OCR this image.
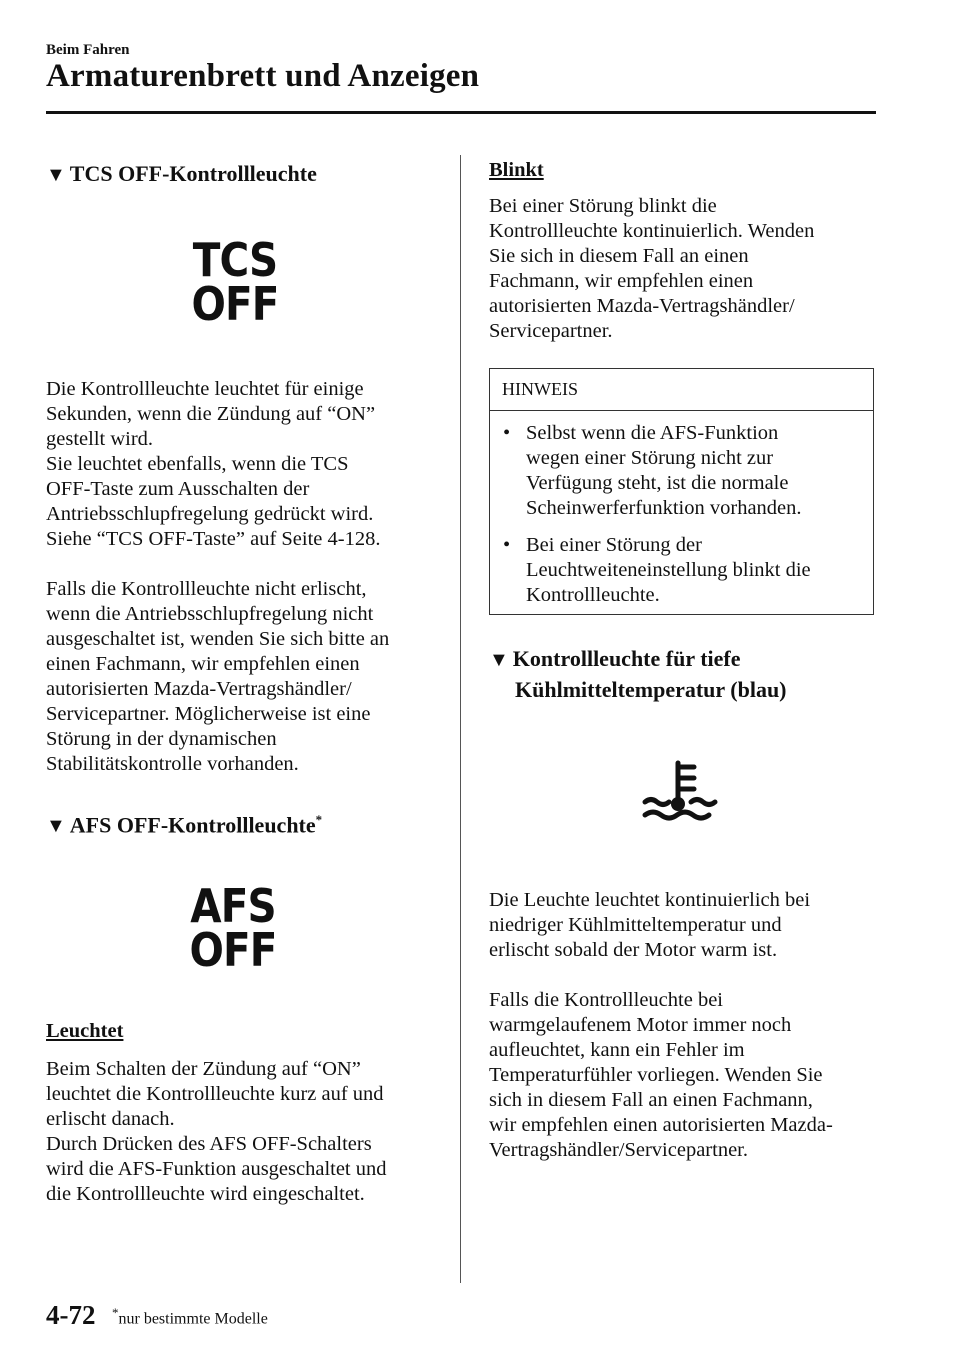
Beim Fahren
Armaturenbrett und Anzeigen
▼ TCS OFF-Kontrollleuchte
TCS
OFF
Die Kontrollleuchte leuchtet für einige
Sekunden, wenn die Zündung auf “ON”
gestellt wird.
Sie leuchtet ebenfalls, wenn die TCS
OFF-Taste zum Ausschalten der
Antriebsschlupfregelung gedrückt wird.
Siehe “TCS OFF-Taste” auf Seite 4-128.
Falls die Kontrollleuchte nicht erlischt,
wenn die Antriebsschlupfregelung nicht
ausgeschaltet ist, wenden Sie sich bitte an
einen Fachmann, wir empfehlen einen
autorisierten Mazda-Vertragshändler/
Servicepartner. Möglicherweise ist eine
Störung in der dynamischen
Stabilitätskontrolle vorhanden.
▼ AFS OFF-Kontrollleuchte*
AFS
OFF
Leuchtet
Beim Schalten der Zündung auf “ON”
leuchtet die Kontrollleuchte kurz auf und
erlischt danach.
Durch Drücken des AFS OFF-Schalters
wird die AFS-Funktion ausgeschaltet und
die Kontrollleuchte wird eingeschaltet.
Blinkt
Bei einer Störung blinkt die
Kontrollleuchte kontinuierlich. Wenden
Sie sich in diesem Fall an einen
Fachmann, wir empfehlen einen
autorisierten Mazda-Vertragshändler/
Servicepartner.
HINWEIS
• Selbst wenn die AFS-Funktion
wegen einer Störung nicht zur
Verfügung steht, ist die normale
Scheinwerferfunktion vorhanden.
• Bei einer Störung der
Leuchtweiteneinstellung blinkt die
Kontrollleuchte.
▼ Kontrollleuchte für tiefe
Kühlmitteltemperatur (blau)
Die Leuchte leuchtet kontinuierlich bei
niedriger Kühlmitteltemperatur und
erlischt sobald der Motor warm ist.
Falls die Kontrollleuchte bei
warmgelaufenem Motor immer noch
aufleuchtet, kann ein Fehler im
Temperaturfühler vorliegen. Wenden Sie
sich in diesem Fall an einen Fachmann,
wir empfehlen einen autorisierten Mazda-
Vertragshändler/Servicepartner.
4-72 *nur bestimmte Modelle
